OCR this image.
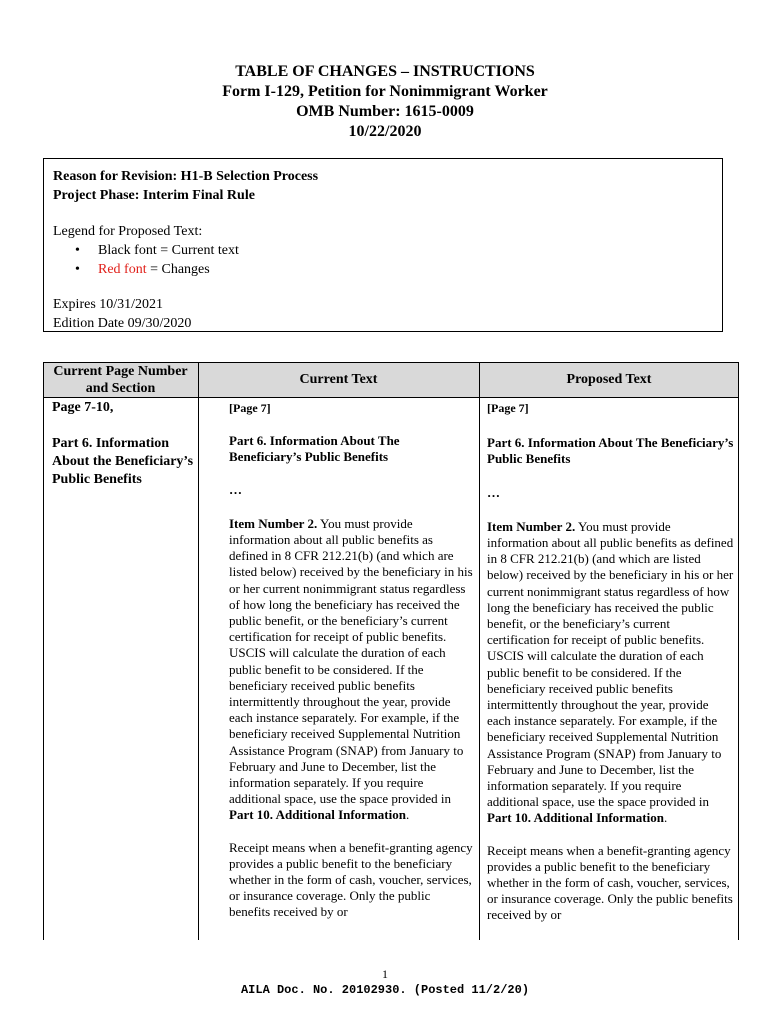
TABLE OF CHANGES – INSTRUCTIONS
Form I-129, Petition for Nonimmigrant Worker
OMB Number: 1615-0009
10/22/2020
Reason for Revision: H1-B Selection Process
Project Phase: Interim Final Rule
Legend for Proposed Text:
• Black font = Current text
• Red font = Changes
Expires 10/31/2021
Edition Date 09/30/2020
Current Page Number and Section
Current Text	Proposed Text
Page 7-10,
Part 6. Information About the Beneficiary’s Public Benefits

[Page 7]

Part 6. Information About The Beneficiary’s Public Benefits

…

Item Number 2. You must provide information about all public benefits as defined in 8 CFR 212.21(b) (and which are listed below) received by the beneficiary in his or her current nonimmigrant status regardless of how long the beneficiary has received the public benefit, or the beneficiary’s current certification for receipt of public benefits. USCIS will calculate the duration of each public benefit to be considered. If the beneficiary received public benefits intermittently throughout the year, provide each instance separately. For example, if the beneficiary received Supplemental Nutrition Assistance Program (SNAP) from January to February and June to December, list the information separately. If you require additional space, use the space provided in Part 10. Additional Information.

Receipt means when a benefit-granting agency provides a public benefit to the beneficiary whether in the form of cash, voucher, services, or insurance coverage. Only the public benefits received by or

[Page 7]

Part 6. Information About The Beneficiary’s Public Benefits

…

Item Number 2. You must provide information about all public benefits as defined in 8 CFR 212.21(b) (and which are listed below) received by the beneficiary in his or her current nonimmigrant status regardless of how long the beneficiary has received the public benefit, or the beneficiary’s current certification for receipt of public benefits. USCIS will calculate the duration of each public benefit to be considered. If the beneficiary received public benefits intermittently throughout the year, provide each instance separately. For example, if the beneficiary received Supplemental Nutrition Assistance Program (SNAP) from January to February and June to December, list the information separately. If you require additional space, use the space provided in Part 10. Additional Information.

Receipt means when a benefit-granting agency provides a public benefit to the beneficiary whether in the form of cash, voucher, services, or insurance coverage. Only the public benefits received by or

1
AILA Doc. No. 20102930. (Posted 11/2/20)
